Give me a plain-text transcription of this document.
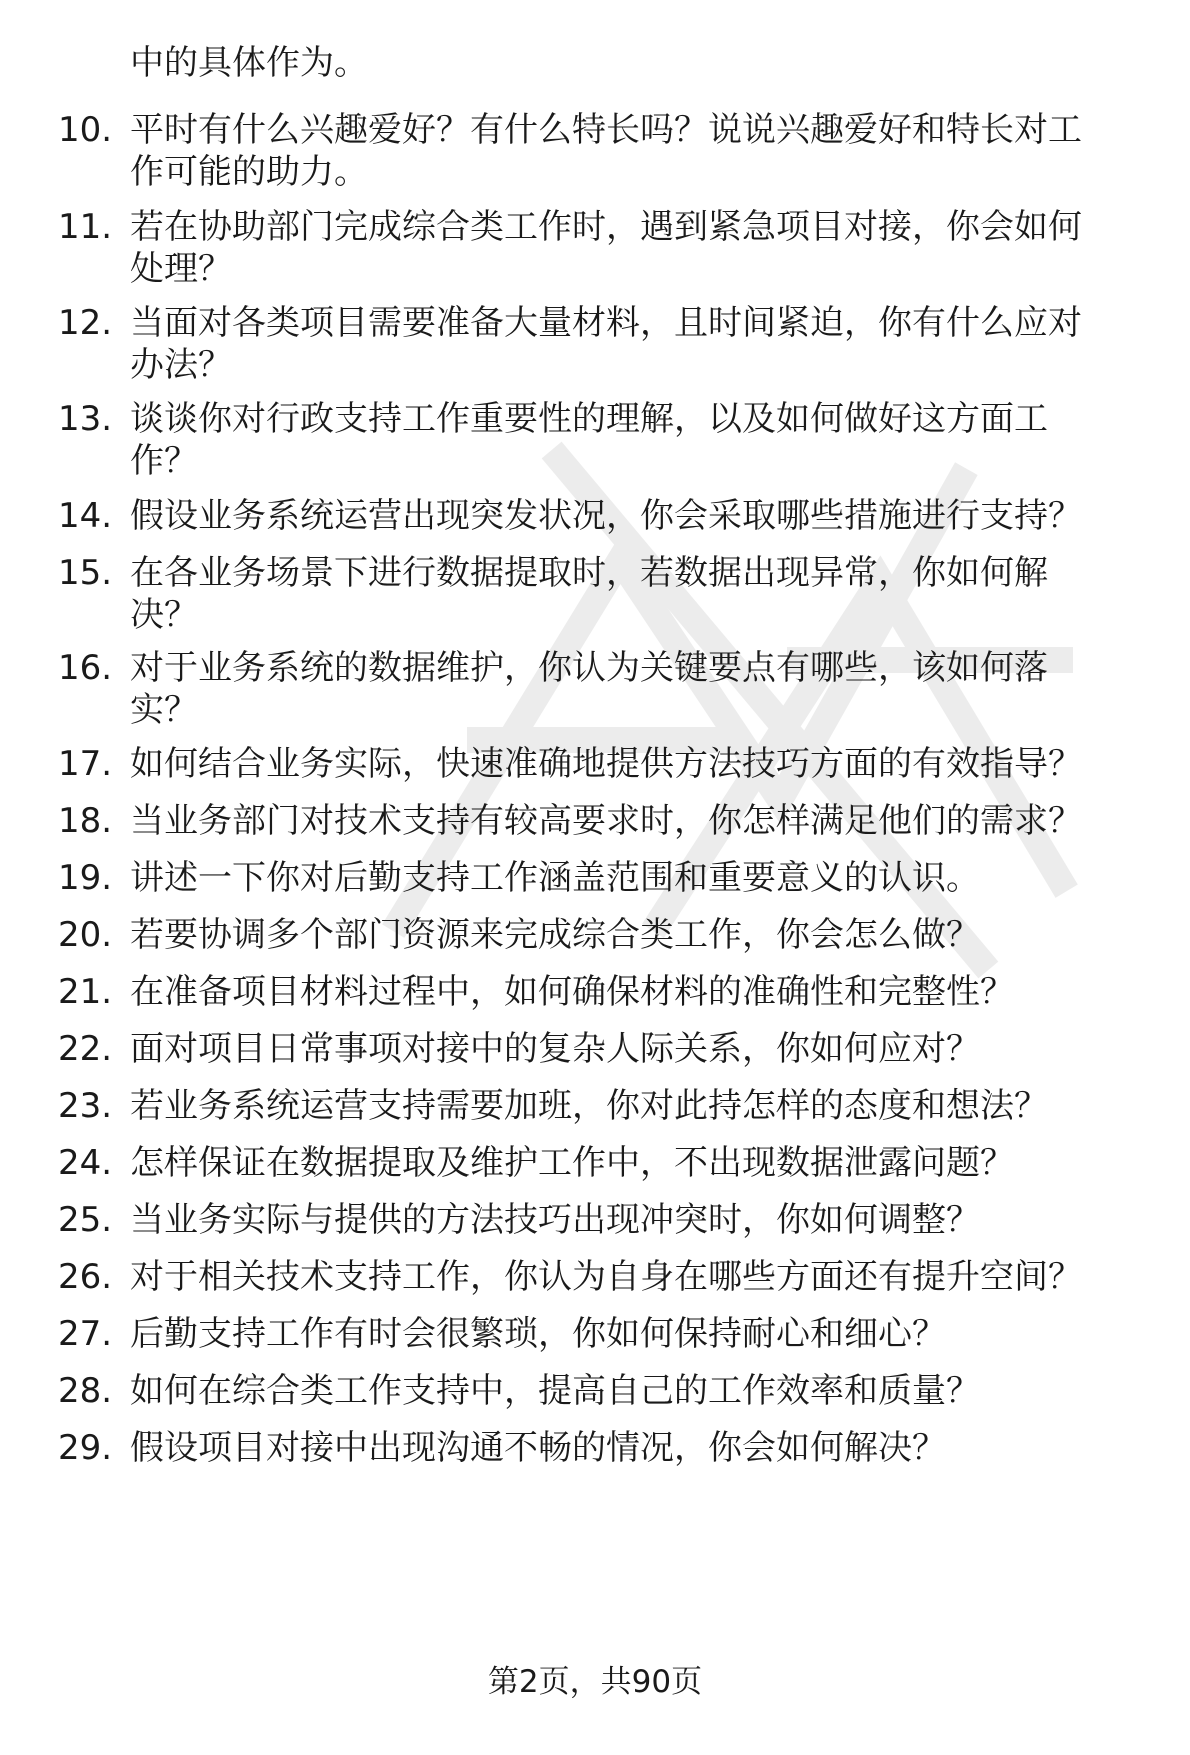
中的具体作为。
10. 平时有什么兴趣爱好？有什么特长吗？说说兴趣爱好和特长对工
作可能的助力。
11. 若在协助部门完成综合类工作时，遇到紧急项目对接，你会如何
处理？
12. 当面对各类项目需要准备大量材料，且时间紧迫，你有什么应对
办法？
13. 谈谈你对行政支持工作重要性的理解，以及如何做好这方面工
作？
14. 假设业务系统运营出现突发状况，你会采取哪些措施进行支持？
15. 在各业务场景下进行数据提取时，若数据出现异常，你如何解
决？
16. 对于业务系统的数据维护，你认为关键要点有哪些，该如何落
实？
17. 如何结合业务实际，快速准确地提供方法技巧方面的有效指导？
18. 当业务部门对技术支持有较高要求时，你怎样满足他们的需求？
19. 讲述一下你对后勤支持工作涵盖范围和重要意义的认识。
20. 若要协调多个部门资源来完成综合类工作，你会怎么做？
21. 在准备项目材料过程中，如何确保材料的准确性和完整性？
22. 面对项目日常事项对接中的复杂人际关系，你如何应对？
23. 若业务系统运营支持需要加班，你对此持怎样的态度和想法？
24. 怎样保证在数据提取及维护工作中，不出现数据泄露问题？
25. 当业务实际与提供的方法技巧出现冲突时，你如何调整？
26. 对于相关技术支持工作，你认为自身在哪些方面还有提升空间？
27. 后勤支持工作有时会很繁琐，你如何保持耐心和细心？
28. 如何在综合类工作支持中，提高自己的工作效率和质量？
29. 假设项目对接中出现沟通不畅的情况，你会如何解决？
第2页，共90页
